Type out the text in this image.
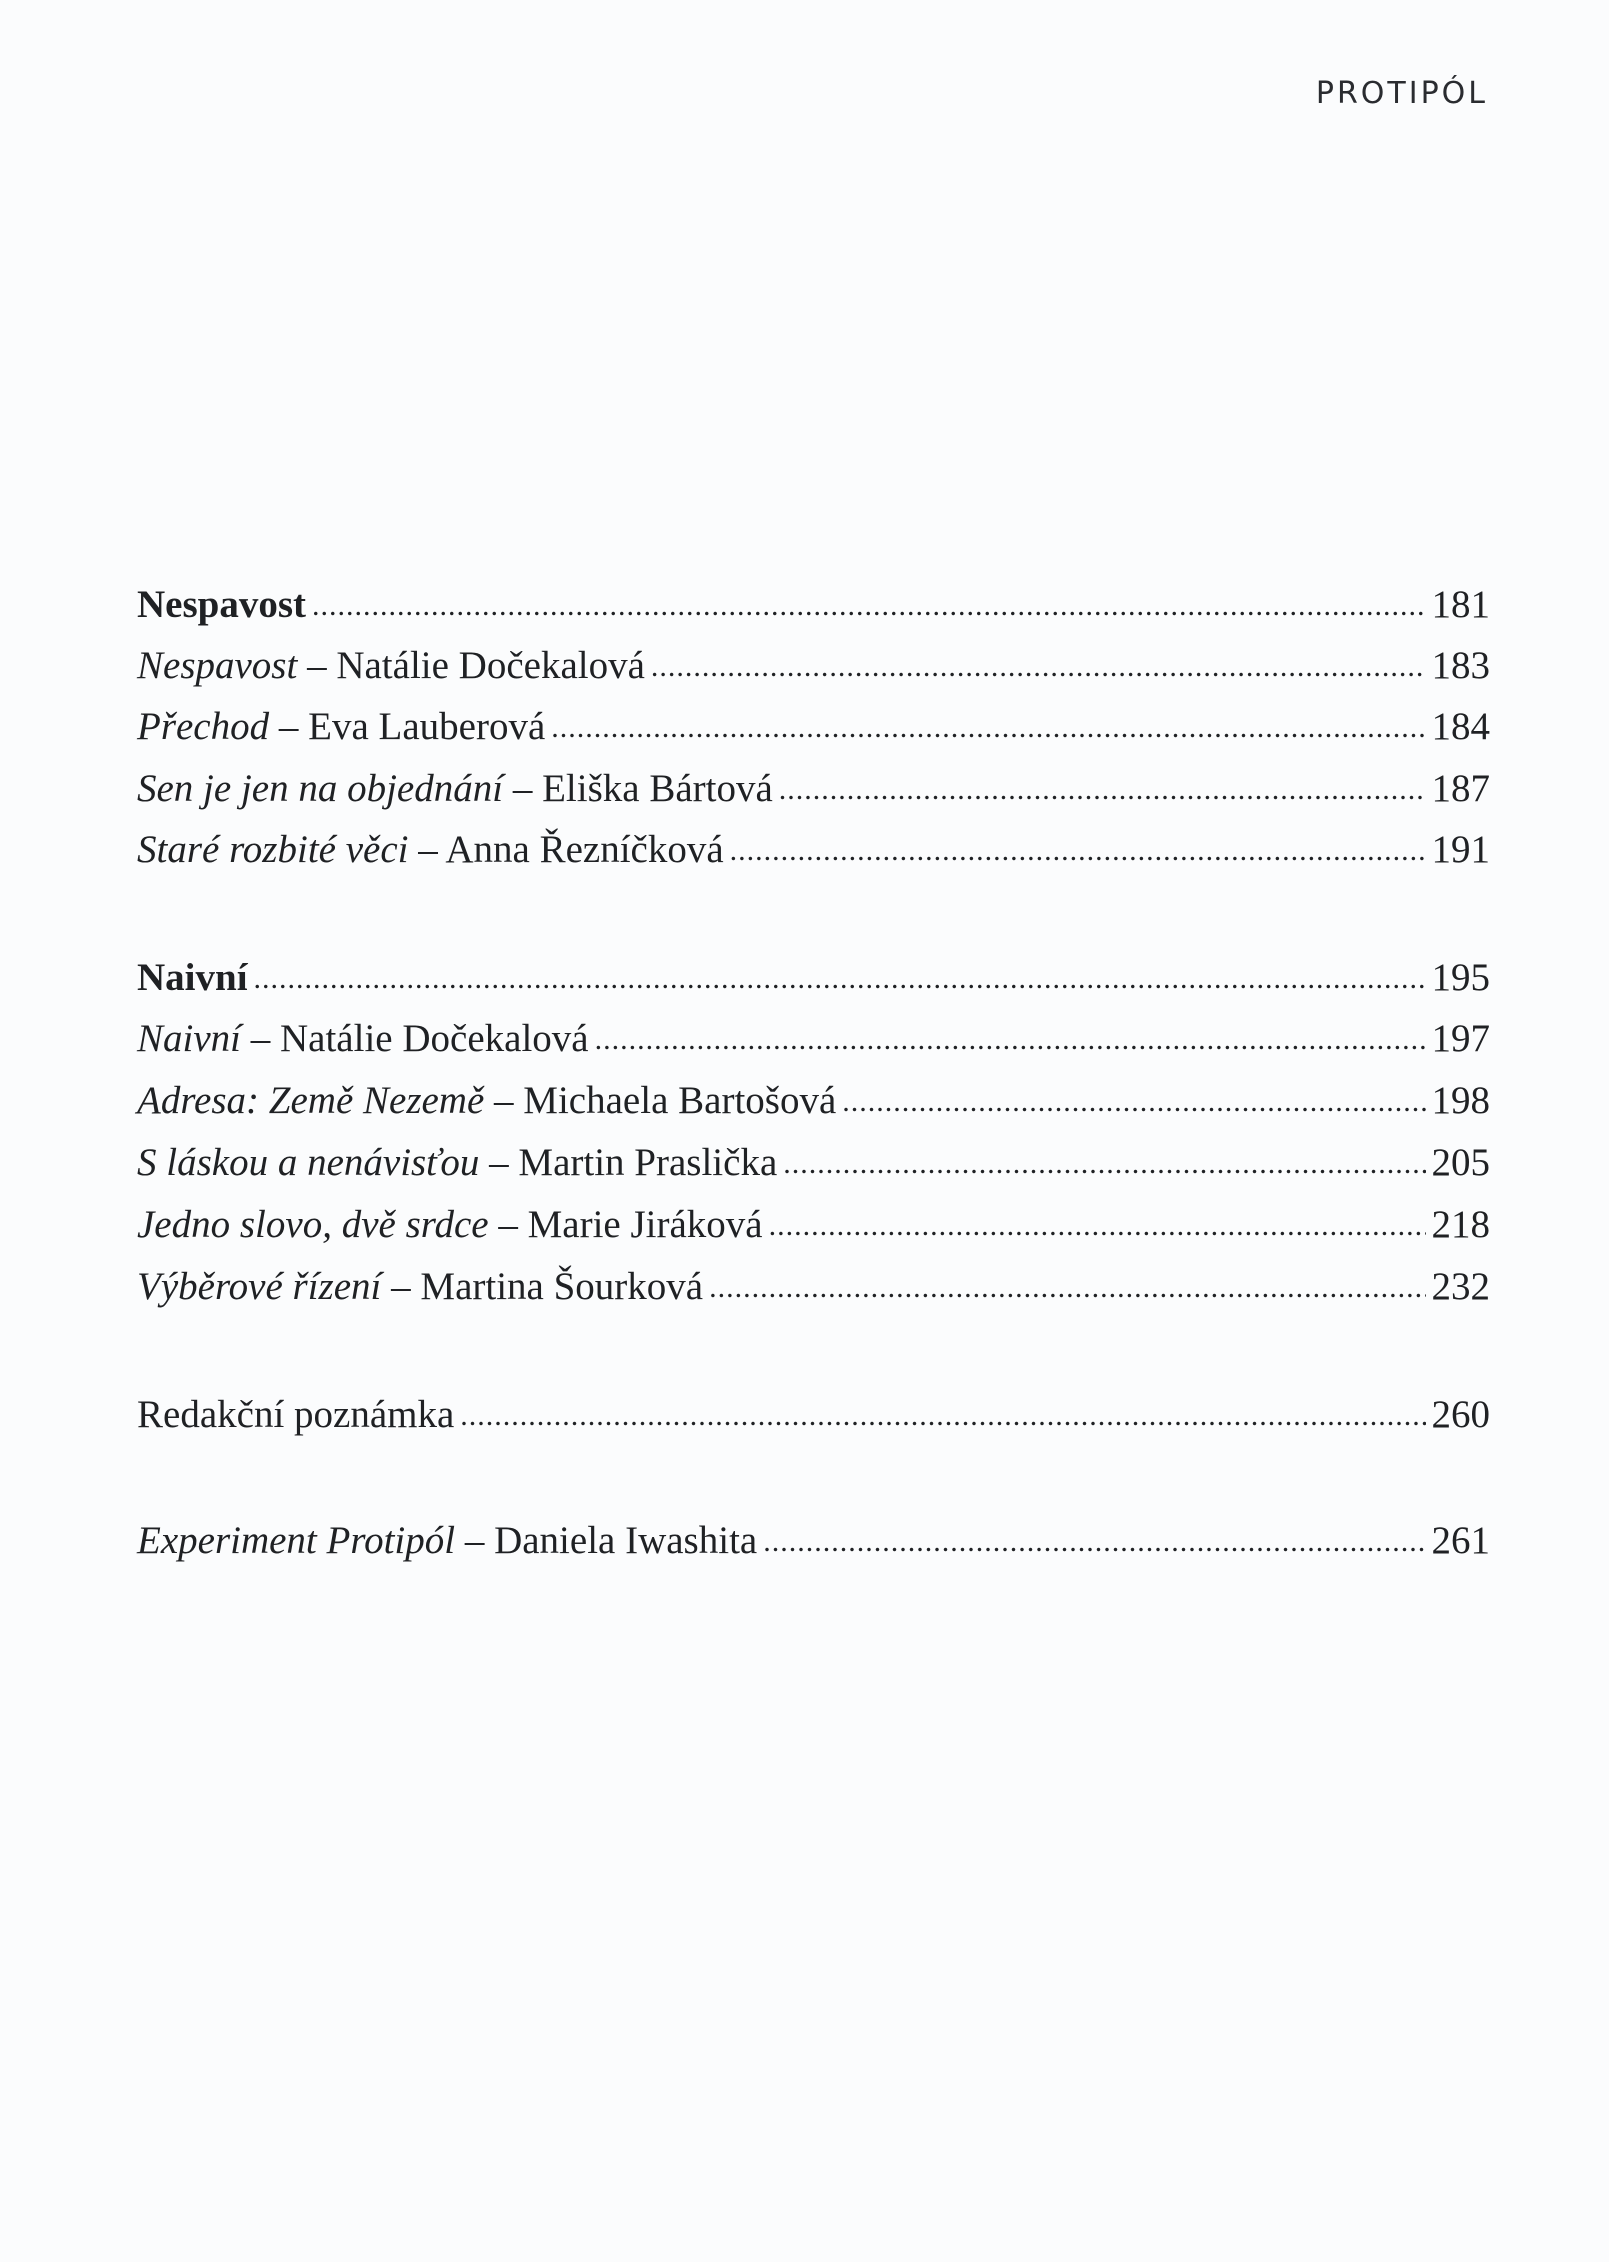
PROTIPÓL
Nespavost .....	181
Nespavost – Natálie Dočekalová .....	183
Přechod – Eva Lauberová .....	184
Sen je jen na objednání – Eliška Bártová .....	187
Staré rozbité věci – Anna Řezníčková .....	191
Naivní .....	195
Naivní – Natálie Dočekalová .....	197
Adresa: Země Nezemě – Michaela Bartošová .....	198
S láskou a nenávisťou – Martin Praslička .....	205
Jedno slovo, dvě srdce – Marie Jiráková .....	218
Výběrové řízení – Martina Šourková .....	232
Redakční poznámka .....	260
Experiment Protipól – Daniela Iwashita .....	261
